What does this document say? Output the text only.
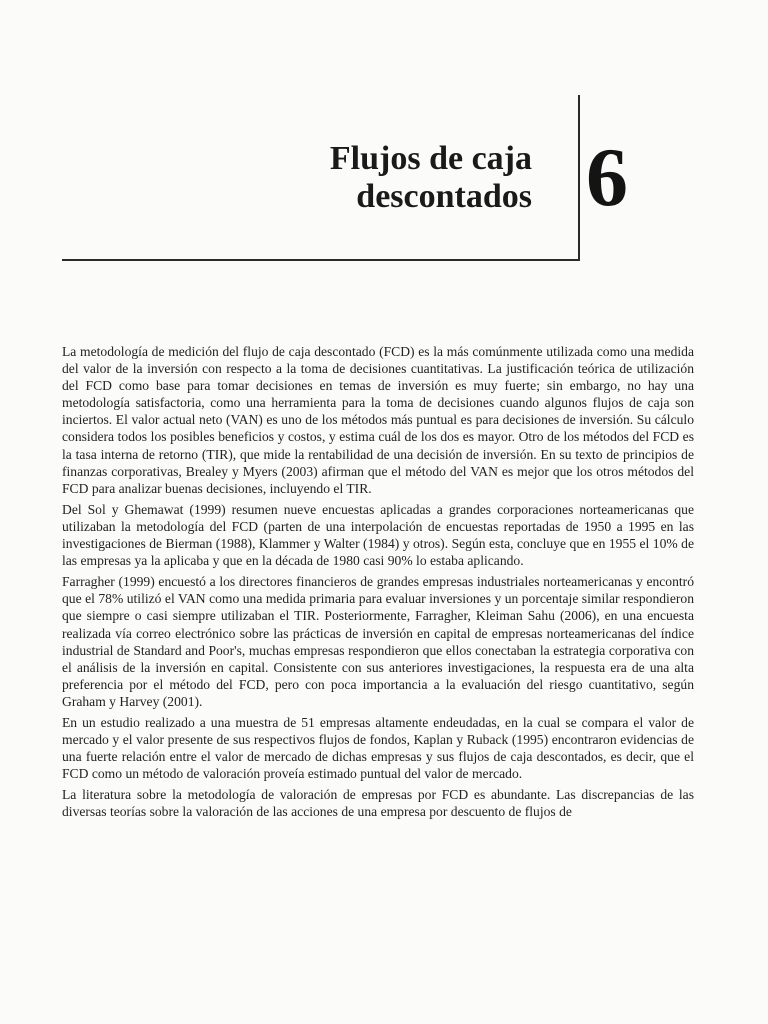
Flujos de caja
descontados 6

La metodología de medición del flujo de caja descontado (FCD) es la más comúnmente utilizada como una medida del valor de la inversión con respecto a la toma de decisiones cuantitativas. La justificación teórica de utilización del FCD como base para tomar decisiones en temas de inversión es muy fuerte; sin embargo, no hay una metodología satisfactoria, como una herramienta para la toma de decisiones cuando algunos flujos de caja son inciertos. El valor actual neto (VAN) es uno de los métodos más puntual es para decisiones de inversión. Su cálculo considera todos los posibles beneficios y costos, y estima cuál de los dos es mayor. Otro de los métodos del FCD es la tasa interna de retorno (TIR), que mide la rentabilidad de una decisión de inversión. En su texto de principios de finanzas corporativas, Brealey y Myers (2003) afirman que el método del VAN es mejor que los otros métodos del FCD para analizar buenas decisiones, incluyendo el TIR.

Del Sol y Ghemawat (1999) resumen nueve encuestas aplicadas a grandes corporaciones norteamericanas que utilizaban la metodología del FCD (parten de una interpolación de encuestas reportadas de 1950 a 1995 en las investigaciones de Bierman (1988), Klammer y Walter (1984) y otros). Según esta, concluye que en 1955 el 10% de las empresas ya la aplicaba y que en la década de 1980 casi 90% lo estaba aplicando.

Farragher (1999) encuestó a los directores financieros de grandes empresas industriales norteamericanas y encontró que el 78% utilizó el VAN como una medida primaria para evaluar inversiones y un porcentaje similar respondieron que siempre o casi siempre utilizaban el TIR. Posteriormente, Farragher, Kleiman Sahu (2006), en una encuesta realizada vía correo electrónico sobre las prácticas de inversión en capital de empresas norteamericanas del índice industrial de Standard and Poor's, muchas empresas respondieron que ellos conectaban la estrategia corporativa con el análisis de la inversión en capital. Consistente con sus anteriores investigaciones, la respuesta era de una alta preferencia por el método del FCD, pero con poca importancia a la evaluación del riesgo cuantitativo, según Graham y Harvey (2001).

En un estudio realizado a una muestra de 51 empresas altamente endeudadas, en la cual se compara el valor de mercado y el valor presente de sus respectivos flujos de fondos, Kaplan y Ruback (1995) encontraron evidencias de una fuerte relación entre el valor de mercado de dichas empresas y sus flujos de caja descontados, es decir, que el FCD como un método de valoración proveía estimado puntual del valor de mercado.

La literatura sobre la metodología de valoración de empresas por FCD es abundante. Las discrepancias de las diversas teorías sobre la valoración de las acciones de una empresa por descuento de flujos de
